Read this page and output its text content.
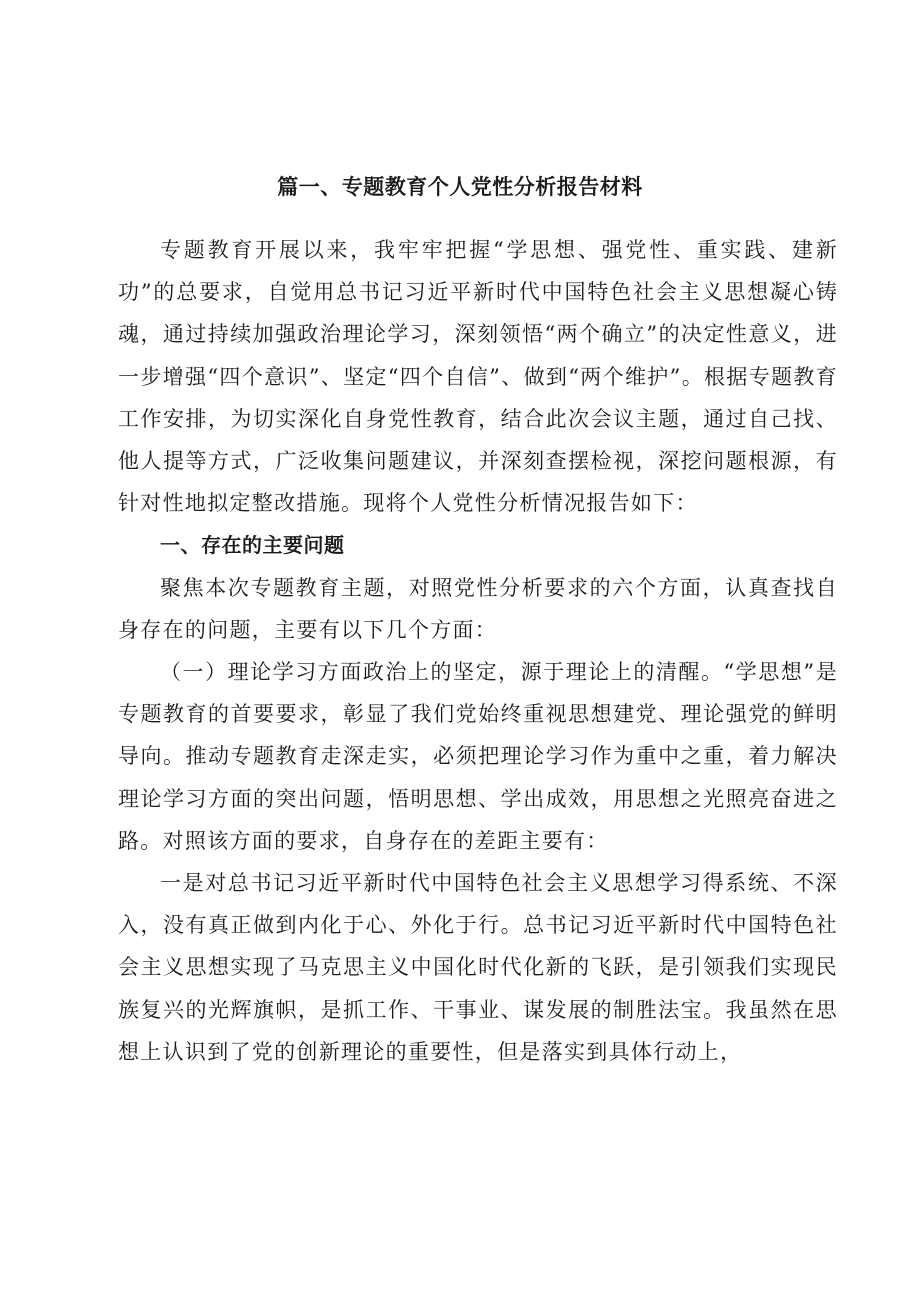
篇一、专题教育个人党性分析报告材料

专题教育开展以来，我牢牢把握“学思想、强党性、重实践、建新功”的总要求，自觉用总书记习近平新时代中国特色社会主义思想凝心铸魂，通过持续加强政治理论学习，深刻领悟“两个确立”的决定性意义，进一步增强“四个意识”、坚定“四个自信”、做到“两个维护”。根据专题教育工作安排，为切实深化自身党性教育，结合此次会议主题，通过自己找、他人提等方式，广泛收集问题建议，并深刻查摆检视，深挖问题根源，有针对性地拟定整改措施。现将个人党性分析情况报告如下：

一、存在的主要问题

聚焦本次专题教育主题，对照党性分析要求的六个方面，认真查找自身存在的问题，主要有以下几个方面：

（一）理论学习方面政治上的坚定，源于理论上的清醒。“学思想”是专题教育的首要要求，彰显了我们党始终重视思想建党、理论强党的鲜明导向。推动专题教育走深走实，必须把理论学习作为重中之重，着力解决理论学习方面的突出问题，悟明思想、学出成效，用思想之光照亮奋进之路。对照该方面的要求，自身存在的差距主要有：

一是对总书记习近平新时代中国特色社会主义思想学习得系统、不深入，没有真正做到内化于心、外化于行。总书记习近平新时代中国特色社会主义思想实现了马克思主义中国化时代化新的飞跃，是引领我们实现民族复兴的光辉旗帜，是抓工作、干事业、谋发展的制胜法宝。我虽然在思想上认识到了党的创新理论的重要性，但是落实到具体行动上，
